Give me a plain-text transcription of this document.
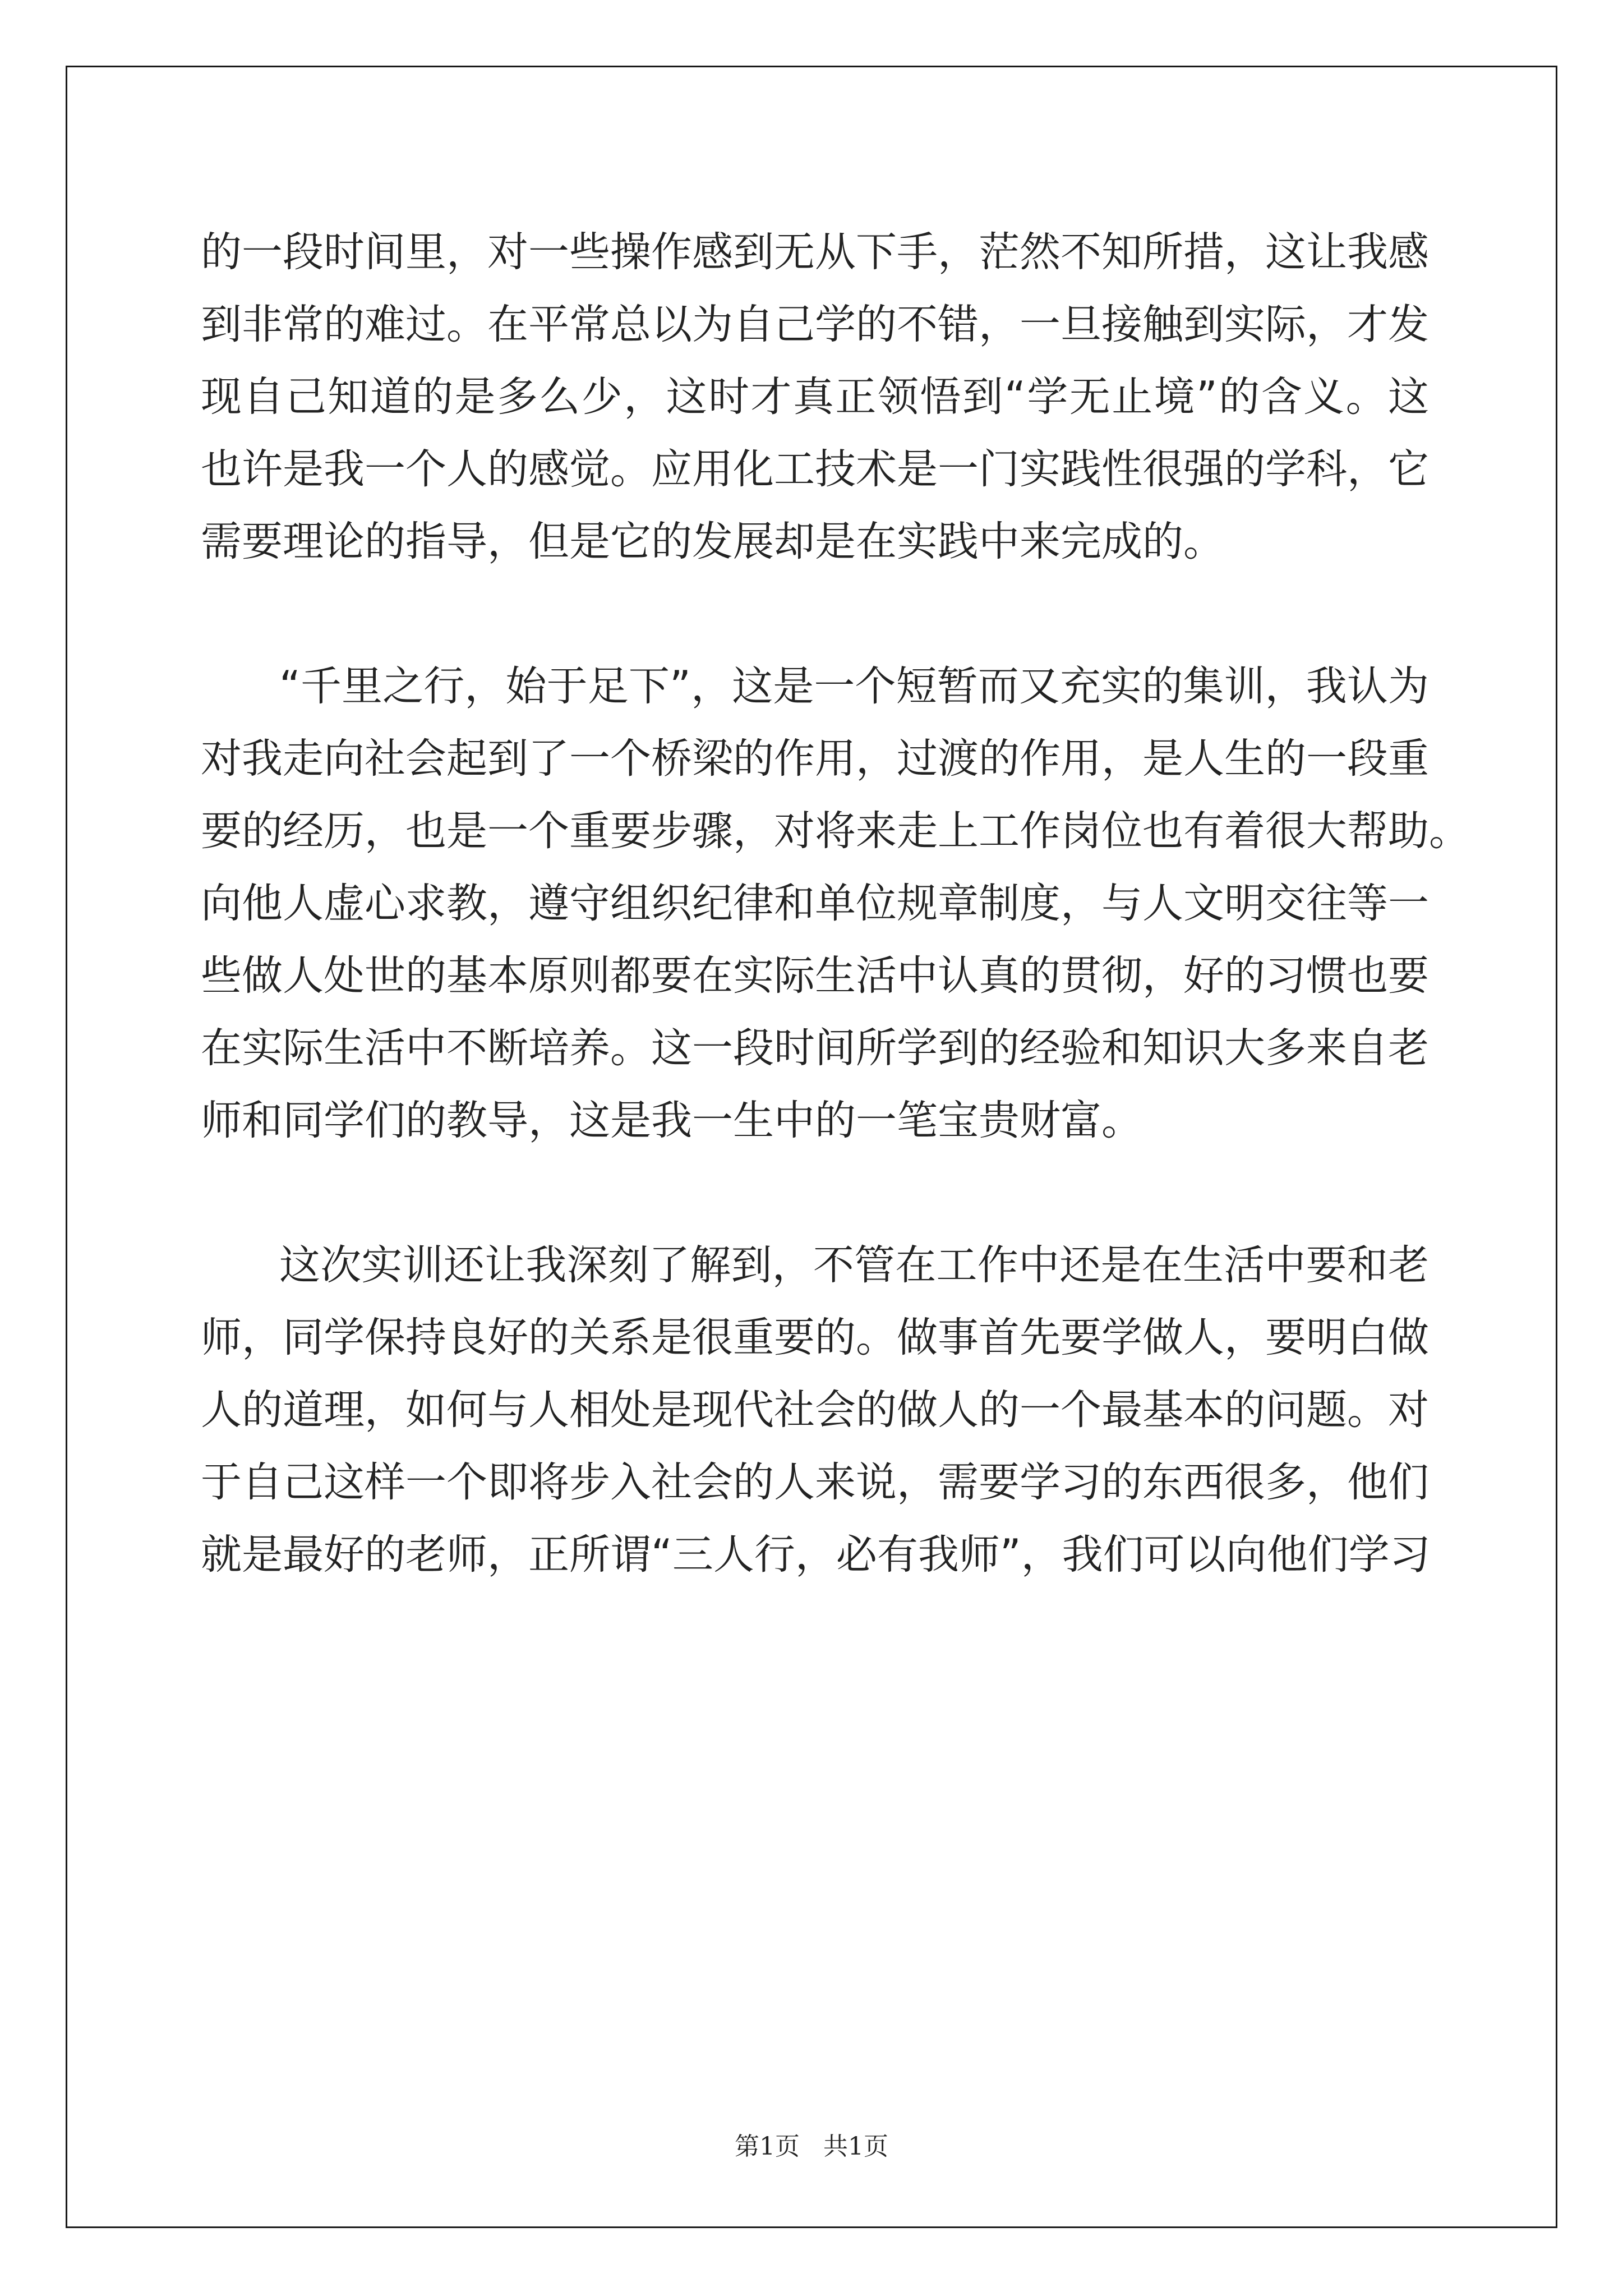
的一段时间里，对一些操作感到无从下手，茫然不知所措，这让我感
到非常的难过。在平常总以为自己学的不错，一旦接触到实际，才发
现自己知道的是多么少，这时才真正领悟到“学无止境”的含义。这
也许是我一个人的感觉。应用化工技术是一门实践性很强的学科，它
需要理论的指导，但是它的发展却是在实践中来完成的。
“千里之行，始于足下”，这是一个短暂而又充实的集训，我认为
对我走向社会起到了一个桥梁的作用，过渡的作用，是人生的一段重
要的经历，也是一个重要步骤，对将来走上工作岗位也有着很大帮助。
向他人虚心求教，遵守组织纪律和单位规章制度，与人文明交往等一
些做人处世的基本原则都要在实际生活中认真的贯彻，好的习惯也要
在实际生活中不断培养。这一段时间所学到的经验和知识大多来自老
师和同学们的教导，这是我一生中的一笔宝贵财富。
这次实训还让我深刻了解到，不管在工作中还是在生活中要和老
师，同学保持良好的关系是很重要的。做事首先要学做人，要明白做
人的道理，如何与人相处是现代社会的做人的一个最基本的问题。对
于自己这样一个即将步入社会的人来说，需要学习的东西很多，他们
就是最好的老师，正所谓“三人行，必有我师”，我们可以向他们学习
第1页   共1页
